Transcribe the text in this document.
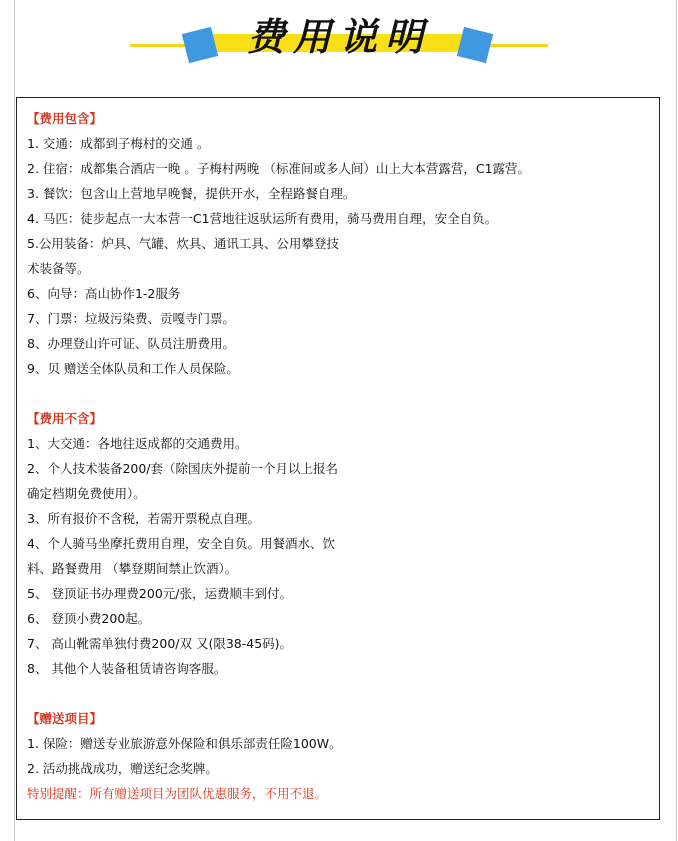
费用说明
【费用包含】
1. 交通：成都到子梅村的交通 。
2. 住宿：成都集合酒店一晚 。子梅村两晚 （标准间或多人间）山上大本营露营，C1露营。
3. 餐饮：包含山上营地早晚餐，提供开水，全程路餐自理。
4. 马匹：徒步起点一大本营一C1营地往返驮运所有费用，骑马费用自理，安全自负。
5.公用装备：炉具、气罐、炊具、通讯工具、公用攀登技
术装备等。
6、向导：高山协作1-2服务
7、门票：垃圾污染费、贡嘎寺门票。
8、办理登山许可证、队员注册费用。
9、贝 赠送全体队员和工作人员保险。
【费用不含】
1、大交通：各地往返成都的交通费用。
2、个人技术装备200/套（除国庆外提前一个月以上报名
确定档期免费使用）。
3、所有报价不含税，若需开票税点自理。
4、个人骑马坐摩托费用自理，安全自负。用餐酒水、饮
料、路餐费用 （攀登期间禁止饮酒）。
5、 登顶证书办理费200元/张，运费顺丰到付。
6、 登顶小费200起。
7、 高山靴需单独付费200/双 又(限38-45码)。
8、 其他个人装备租赁请咨询客服。
【赠送项目】
1. 保险：赠送专业旅游意外保险和俱乐部责任险100W。
2. 活动挑战成功，赠送纪念奖牌。
特别提醒：所有赠送项目为团队优惠服务，不用不退。
